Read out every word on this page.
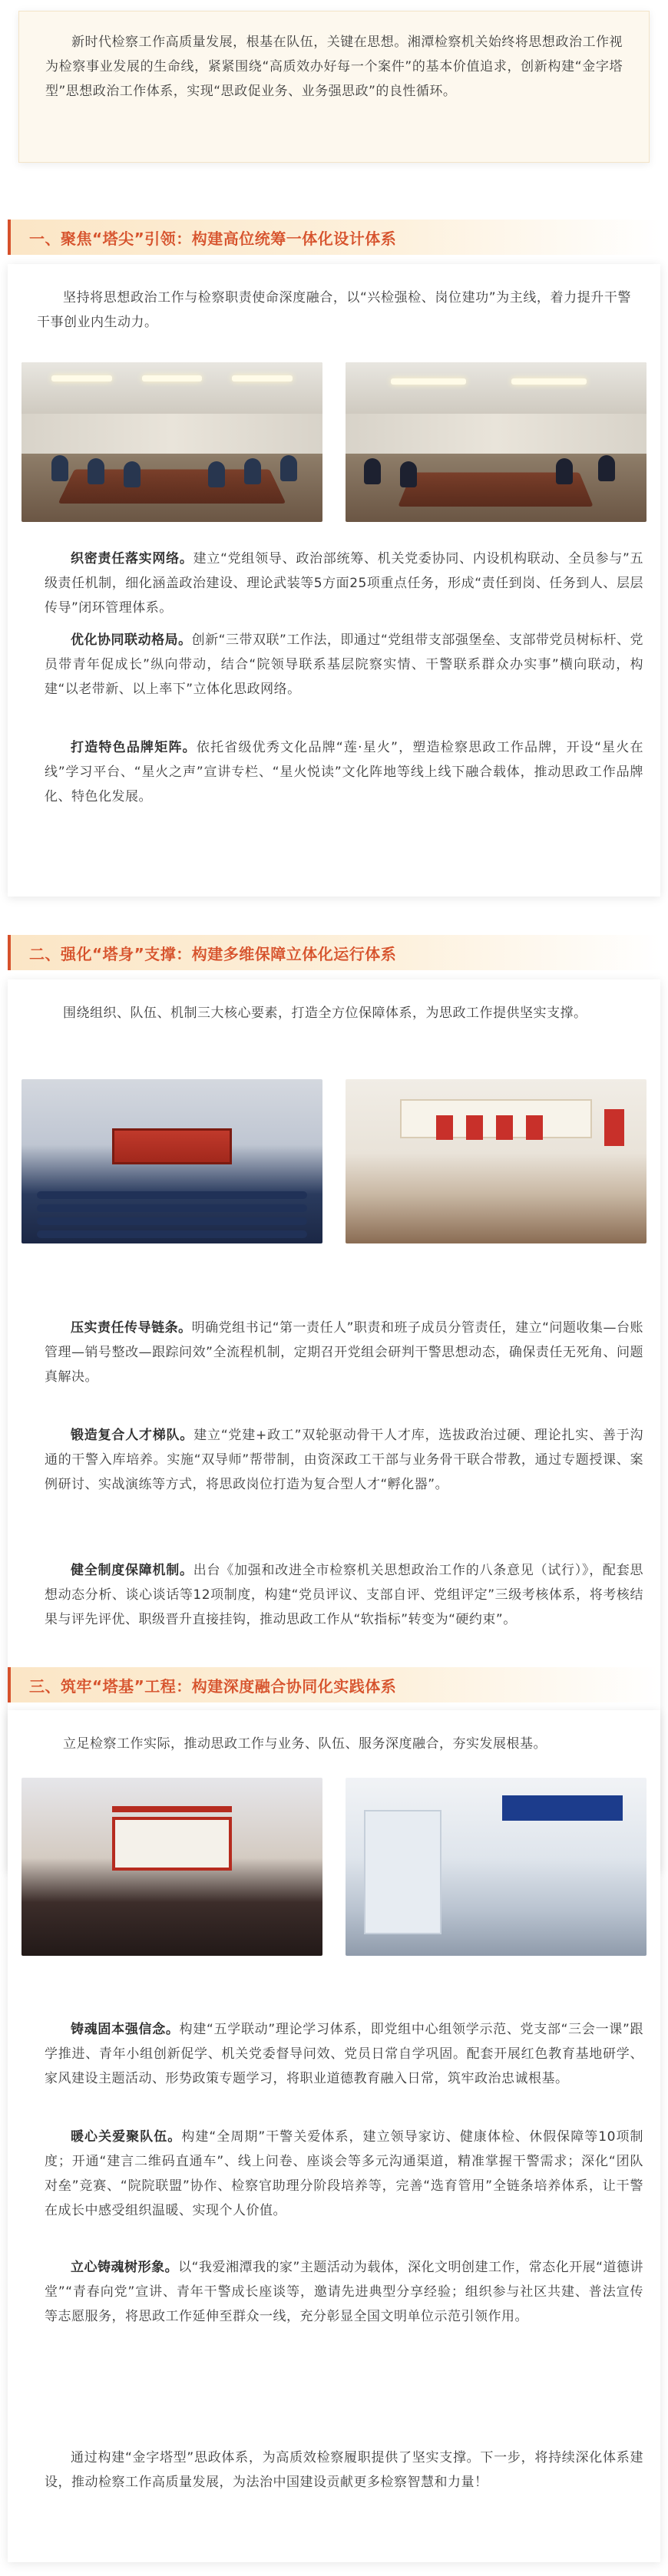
新时代检察工作高质量发展，根基在队伍，关键在思想。湘潭检察机关始终将思想政治工作视为检察事业发展的生命线，紧紧围绕“高质效办好每一个案件”的基本价值追求，创新构建“金字塔型”思想政治工作体系，实现“思政促业务、业务强思政”的良性循环。

一、聚焦“塔尖”引领：构建高位统筹一体化设计体系

坚持将思想政治工作与检察职责使命深度融合，以“兴检强检、岗位建功”为主线，着力提升干警干事创业内生动力。

织密责任落实网络。建立“党组领导、政治部统筹、机关党委协同、内设机构联动、全员参与”五级责任机制，细化涵盖政治建设、理论武装等5方面25项重点任务，形成“责任到岗、任务到人、层层传导”闭环管理体系。

优化协同联动格局。创新“三带双联”工作法，即通过“党组带支部强堡垒、支部带党员树标杆、党员带青年促成长”纵向带动，结合“院领导联系基层院察实情、干警联系群众办实事”横向联动，构建“以老带新、以上率下”立体化思政网络。

打造特色品牌矩阵。依托省级优秀文化品牌“莲·星火”，塑造检察思政工作品牌，开设“星火在线”学习平台、“星火之声”宣讲专栏、“星火悦读”文化阵地等线上线下融合载体，推动思政工作品牌化、特色化发展。

二、强化“塔身”支撑：构建多维保障立体化运行体系

围绕组织、队伍、机制三大核心要素，打造全方位保障体系，为思政工作提供坚实支撑。

压实责任传导链条。明确党组书记“第一责任人”职责和班子成员分管责任，建立“问题收集—台账管理—销号整改—跟踪问效”全流程机制，定期召开党组会研判干警思想动态，确保责任无死角、问题真解决。

锻造复合人才梯队。建立“党建+政工”双轮驱动骨干人才库，选拔政治过硬、理论扎实、善于沟通的干警入库培养。实施“双导师”帮带制，由资深政工干部与业务骨干联合带教，通过专题授课、案例研讨、实战演练等方式，将思政岗位打造为复合型人才“孵化器”。

健全制度保障机制。出台《加强和改进全市检察机关思想政治工作的八条意见（试行）》，配套思想动态分析、谈心谈话等12项制度，构建“党员评议、支部自评、党组评定”三级考核体系，将考核结果与评先评优、职级晋升直接挂钩，推动思政工作从“软指标”转变为“硬约束”。

三、筑牢“塔基”工程：构建深度融合协同化实践体系

立足检察工作实际，推动思政工作与业务、队伍、服务深度融合，夯实发展根基。

铸魂固本强信念。构建“五学联动”理论学习体系，即党组中心组领学示范、党支部“三会一课”跟学推进、青年小组创新促学、机关党委督导问效、党员日常自学巩固。配套开展红色教育基地研学、家风建设主题活动、形势政策专题学习，将职业道德教育融入日常，筑牢政治忠诚根基。

暖心关爱聚队伍。构建“全周期”干警关爱体系，建立领导家访、健康体检、休假保障等10项制度；开通“建言二维码直通车”、线上问卷、座谈会等多元沟通渠道，精准掌握干警需求；深化“团队对垒”竞赛、“院院联盟”协作、检察官助理分阶段培养等，完善“选育管用”全链条培养体系，让干警在成长中感受组织温暖、实现个人价值。

立心铸魂树形象。以“我爱湘潭我的家”主题活动为载体，深化文明创建工作，常态化开展“道德讲堂”“青春向党”宣讲、青年干警成长座谈等，邀请先进典型分享经验；组织参与社区共建、普法宣传等志愿服务，将思政工作延伸至群众一线，充分彰显全国文明单位示范引领作用。

通过构建“金字塔型”思政体系，为高质效检察履职提供了坚实支撑。下一步，将持续深化体系建设，推动检察工作高质量发展，为法治中国建设贡献更多检察智慧和力量！
